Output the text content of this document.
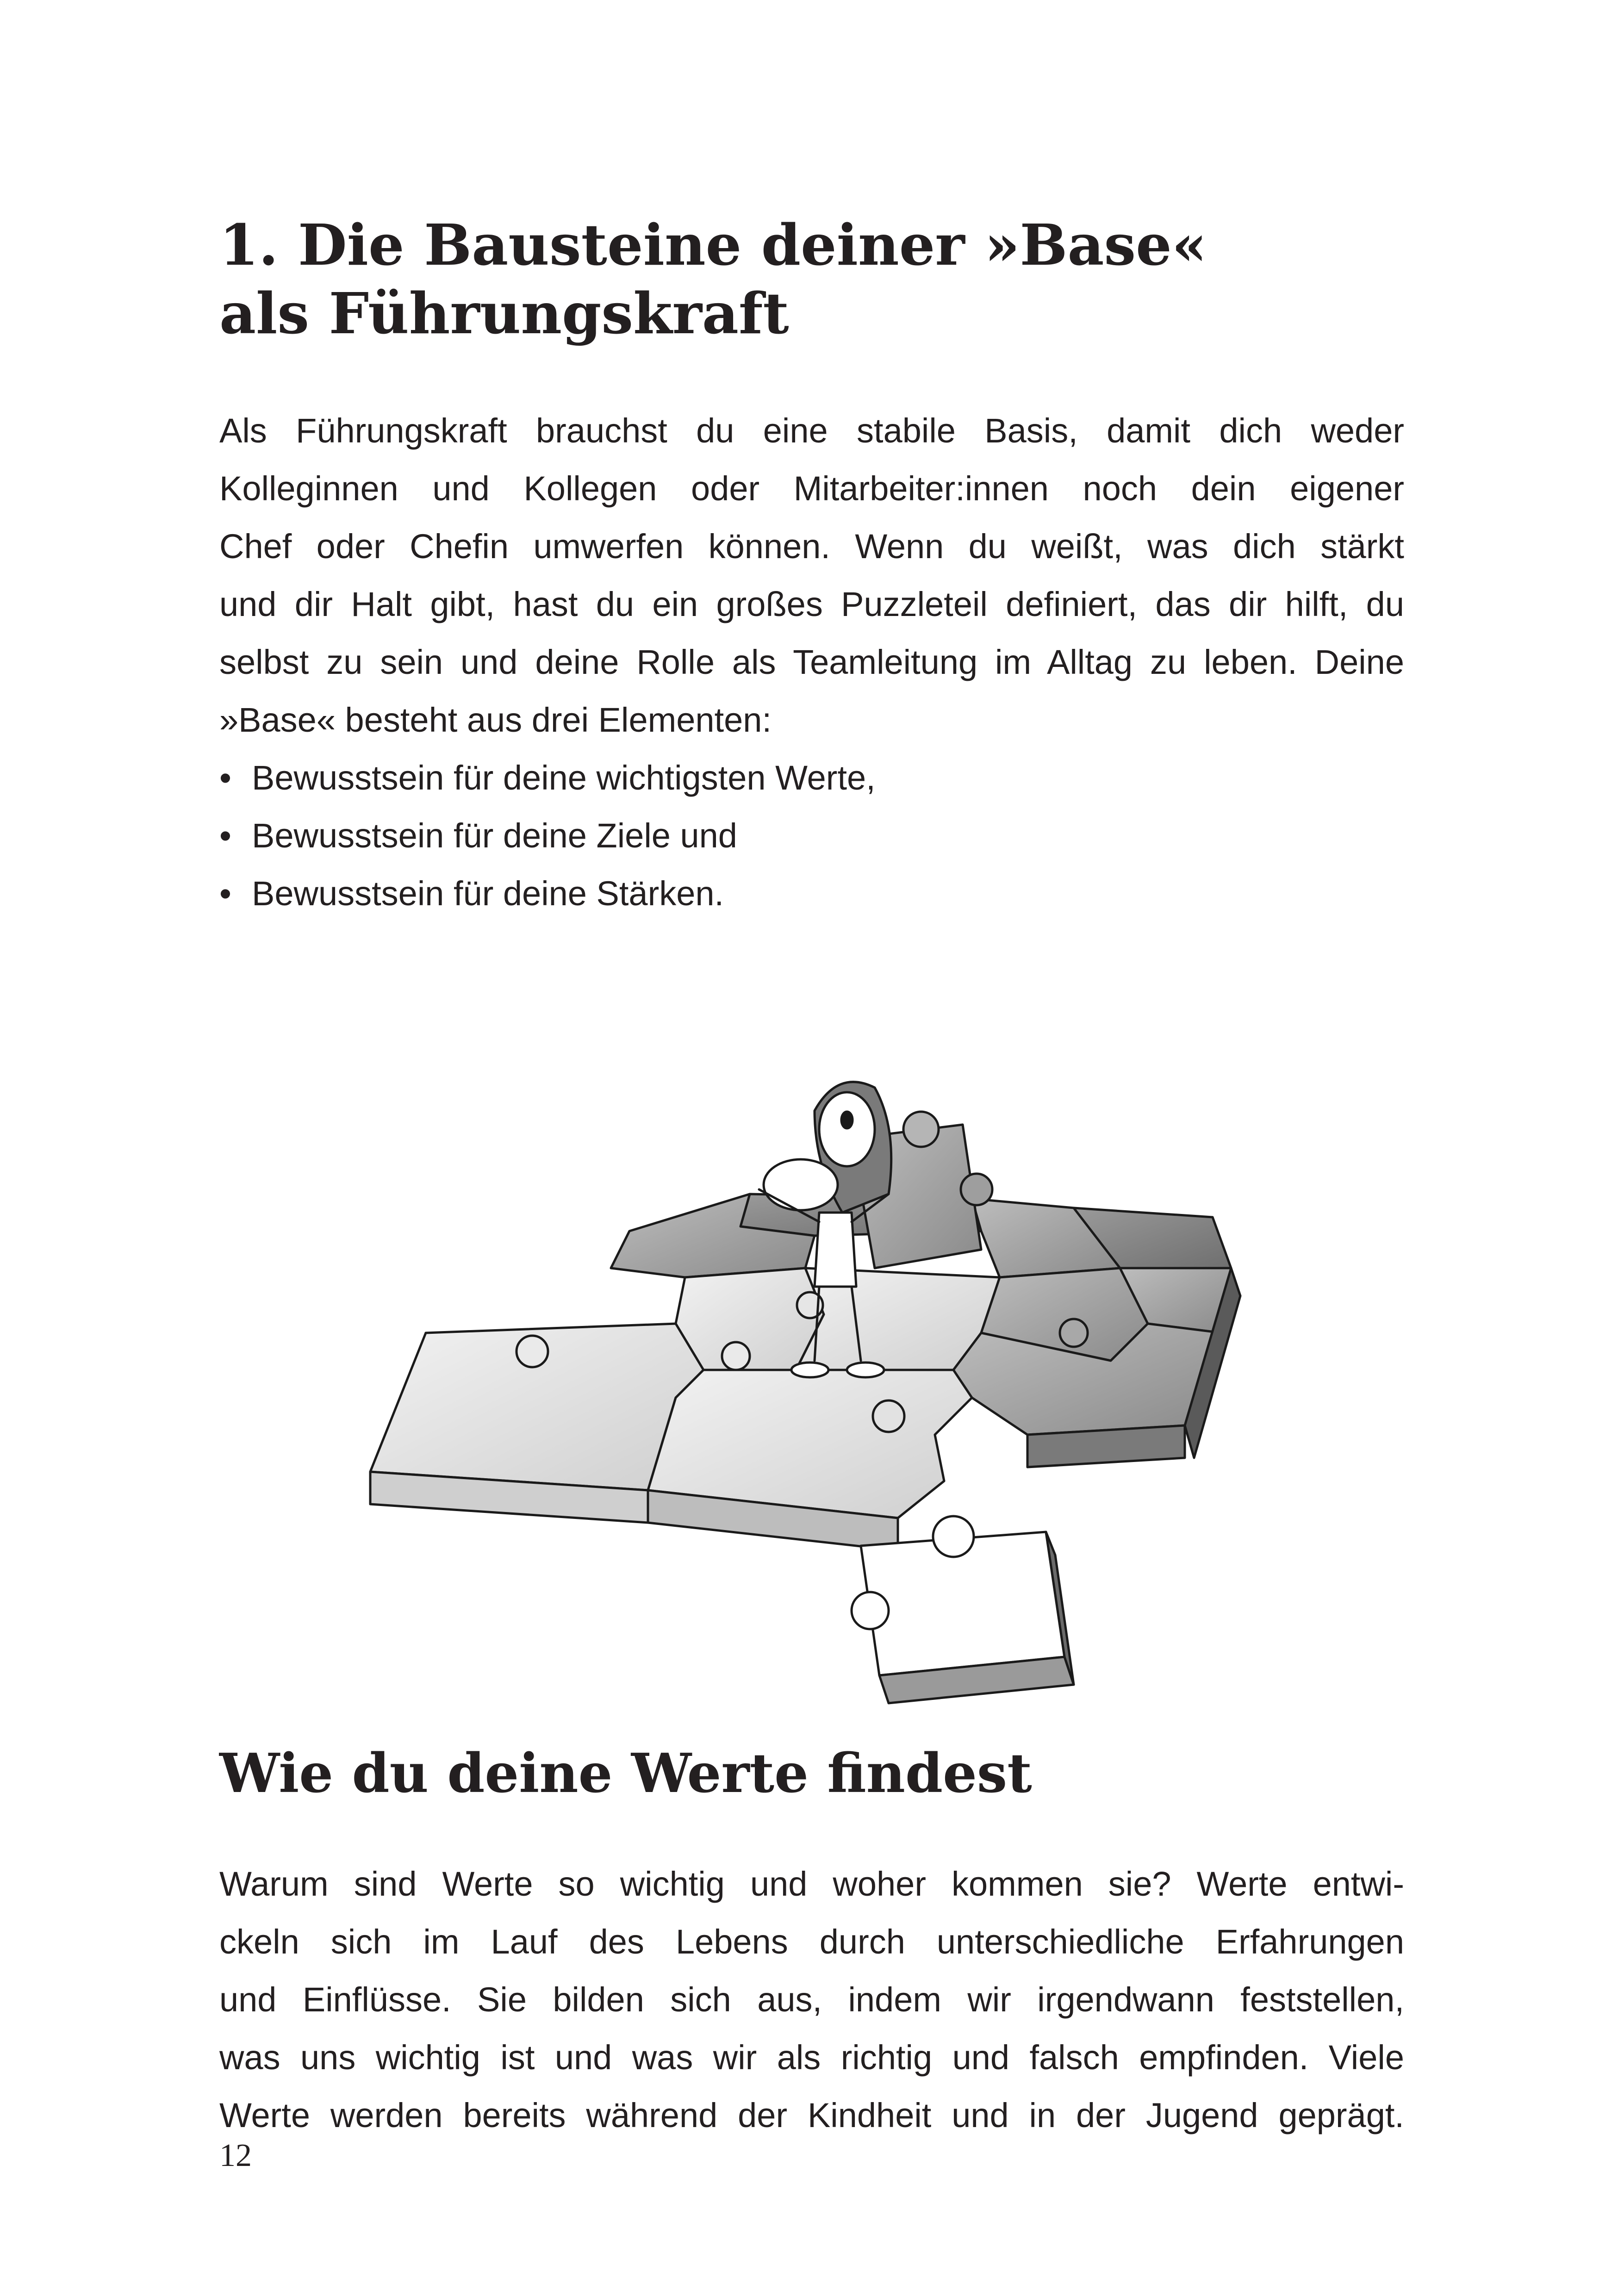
1. Die Bausteine deiner »Base«
als Führungskraft
Als Führungskraft brauchst du eine stabile Basis, damit dich weder
Kolleginnen und Kollegen oder Mitarbeiter:innen noch dein eigener
Chef oder Chefin umwerfen können. Wenn du weißt, was dich stärkt
und dir Halt gibt, hast du ein großes Puzzleteil definiert, das dir hilft, du
selbst zu sein und deine Rolle als Teamleitung im Alltag zu leben. Deine
»Base« besteht aus drei Elementen:
• Bewusstsein für deine wichtigsten Werte,
• Bewusstsein für deine Ziele und
• Bewusstsein für deine Stärken.
Wie du deine Werte findest
Warum sind Werte so wichtig und woher kommen sie? Werte entwi-
ckeln sich im Lauf des Lebens durch unterschiedliche Erfahrungen
und Einflüsse. Sie bilden sich aus, indem wir irgendwann feststellen,
was uns wichtig ist und was wir als richtig und falsch empfinden. Viele
Werte werden bereits während der Kindheit und in der Jugend geprägt.

12
